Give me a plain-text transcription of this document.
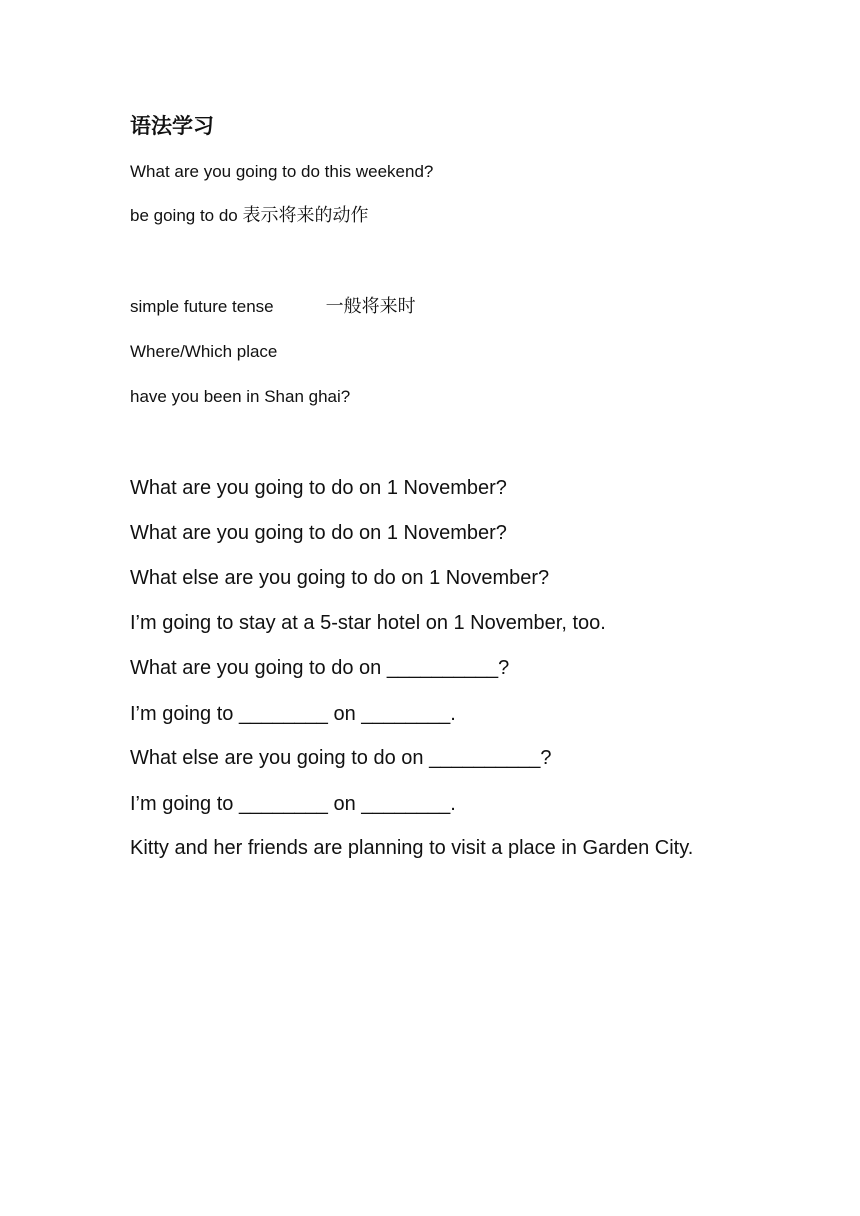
语法学习
What are you going to do this weekend?
be going to do 表示将来的动作
simple future tense	一般将来时
Where/Which place
have you been in Shan ghai?
What are you going to do on 1 November?
What are you going to do on 1 November?
What else are you going to do on 1 November?
I’m going to stay at a 5-star hotel on 1 November, too.
What are you going to do on __________?
I’m going to ________ on ________.
What else are you going to do on __________?
I’m going to ________ on ________.
Kitty and her friends are planning to visit a place in Garden City.
